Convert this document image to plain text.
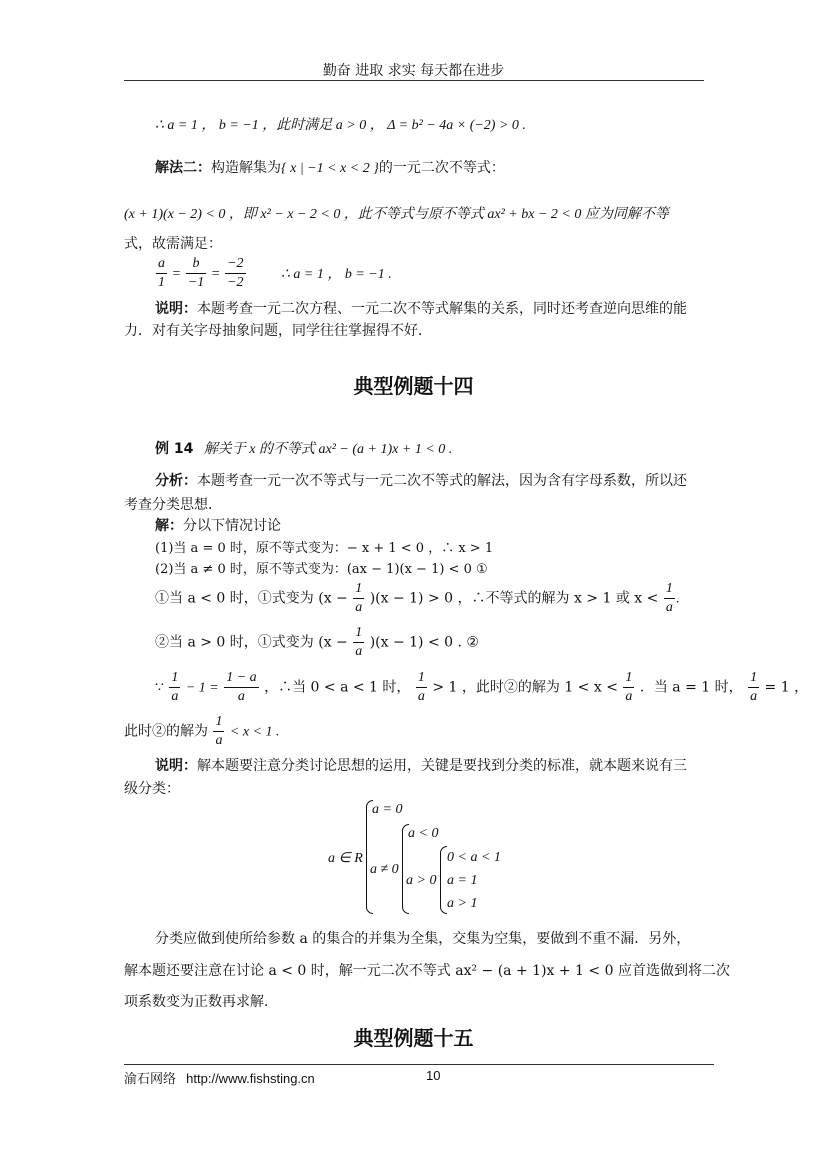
勤奋 进取 求实 每天都在进步
∴ a = 1 ， b = −1 ，此时满足 a > 0 ， Δ = b² − 4a × (−2) > 0 .
解法二：构造解集为{ x | −1 < x < 2 }的一元二次不等式：
(x + 1)(x − 2) < 0 ，即 x² − x − 2 < 0 ，此不等式与原不等式 ax² + bx − 2 < 0 应为同解不等
式，故需满足：
$\frac{a}{1} = \frac{b}{-1} = \frac{-2}{-2}$	∴ a = 1 ， b = −1 .
说明：本题考查一元二次方程、一元二次不等式解集的关系，同时还考查逆向思维的能
力．对有关字母抽象问题，同学往往掌握得不好．
典型例题十四
例 14 解关于 x 的不等式 ax² − (a + 1)x + 1 < 0 .
分析：本题考查一元一次不等式与一元二次不等式的解法，因为含有字母系数，所以还
考查分类思想．
解：分以下情况讨论
(1)当 a = 0 时，原不等式变为：− x + 1 < 0 ，∴ x > 1
(2)当 a ≠ 0 时，原不等式变为：(ax − 1)(x − 1) < 0 ①
①当 a < 0 时，①式变为 $(x - \frac{1}{a} )(x - 1) > 0$ ，∴不等式的解为 x > 1 或 $x < \frac{1}{a}$ .
②当 a > 0 时，①式变为 $(x - \frac{1}{a} )(x - 1) < 0$ . ②
∵ $\frac{1}{a} - 1 = \frac{1 - a}{a}$ ，∴当 0 < a < 1 时， $\frac{1}{a} > 1$ ，此时②的解为 $1 < x < \frac{1}{a}$ ．当 a = 1 时， $\frac{1}{a} = 1$ ，
此时②的解为 $\frac{1}{a} < x < 1$ .
说明：解本题要注意分类讨论思想的运用，关键是要找到分类的标准，就本题来说有三
级分类：
a ∈ R
a = 0
a ≠ 0
a < 0
a > 0
0 < a < 1
a = 1
a > 1
分类应做到使所给参数 a 的集合的并集为全集，交集为空集，要做到不重不漏．另外，
解本题还要注意在讨论 a < 0 时，解一元二次不等式 ax² − (a + 1)x + 1 < 0 应首选做到将二次
项系数变为正数再求解．
典型例题十五
渝石网络 http://www.fishsting.cn	10
